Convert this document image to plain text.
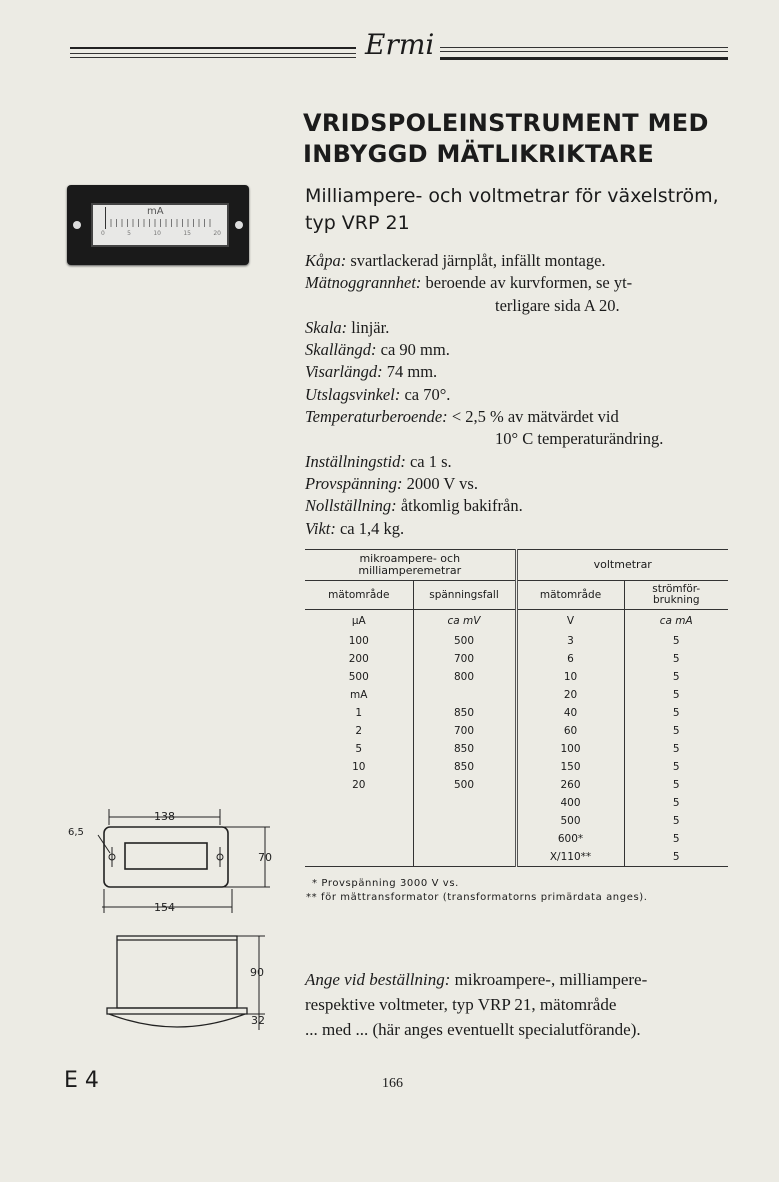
Ermi
VRIDSPOLEINSTRUMENT MED
INBYGGD MÄTLIKRIKTARE
Milliampere- och voltmetrar för växelström,
typ VRP 21
mA
0	5	10	15	20
Kåpa: svartlackerad järnplåt, infällt montage.
Mätnoggrannhet: beroende av kurvformen, se yt-
terligare sida A 20.
Skala: linjär.
Skallängd: ca 90 mm.
Visarlängd: 74 mm.
Utslagsvinkel: ca 70°.
Temperaturberoende: < 2,5 % av mätvärdet vid
10° C temperaturändring.
Inställningstid: ca 1 s.
Provspänning: 2000 V vs.
Nollställning: åtkomlig bakifrån.
Vikt: ca 1,4 kg.
mikroampere- och milliamperemetrar		voltmetrar	
mätområde	spänningsfall	mätområde	strömför- brukning
µA	ca mV	V	ca mA
100	500	3	5
200	700	6	5
500	800	10	5
mA		20	5
1	850	40	5
2	700	60	5
5	850	100	5
10	850	150	5
20	500	260	5
		400	5
		500	5
		600*	5
		X/110**	5
* Provspänning 3000 V vs.
** för mättransformator (transformatorns primärdata anges).
138
154
70
6,5
90
32
Ange vid beställning: mikroampere-, milliampere-
respektive voltmeter, typ VRP 21, mätområde
... med ... (här anges eventuellt specialutförande).
E 4	166
